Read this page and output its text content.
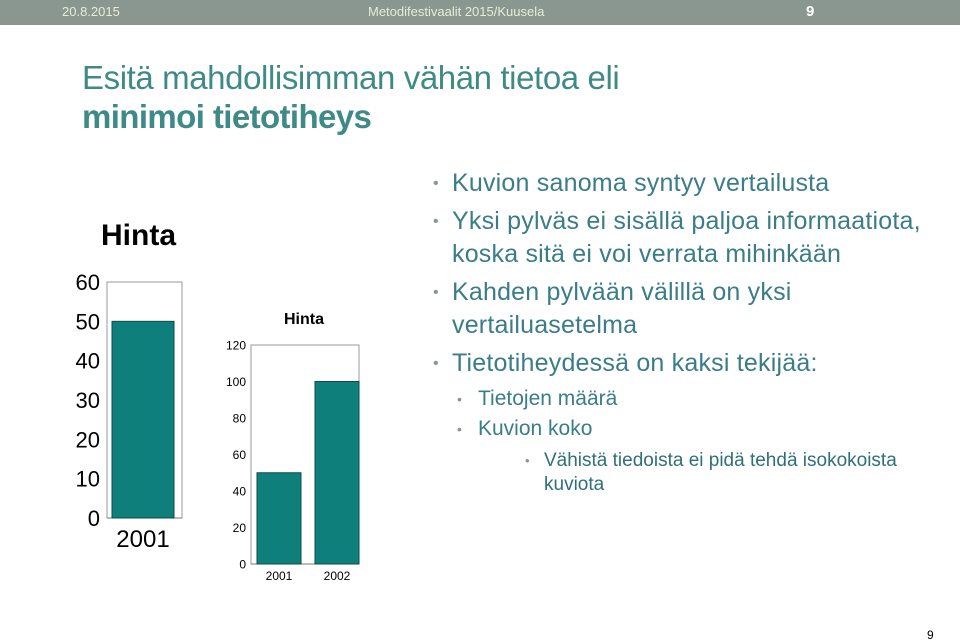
20.8.2015	Metodifestivaalit 2015/Kuusela	9
Esitä mahdollisimman vähän tietoa eli
minimoi tietotiheys
Hinta
0
10
20
30
40
50
60
2001
Hinta
0
20
40
60
80
100
120
2001	2002
• Kuvion sanoma syntyy vertailusta
• Yksi pylväs ei sisällä paljoa informaatiota, koska sitä ei voi verrata mihinkään
• Kahden pylvään välillä on yksi vertailuasetelma
• Tietotiheydessä on kaksi tekijää:
• Tietojen määrä
• Kuvion koko
• Vähistä tiedoista ei pidä tehdä isokokoista kuviota
9
